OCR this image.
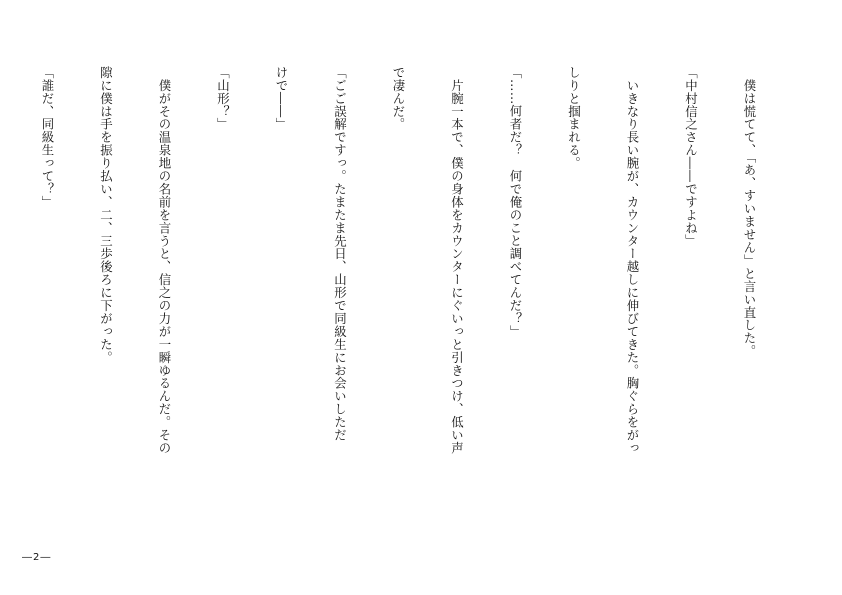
　僕は慌てて、「あ、すいません」と言い直した。

「中村信之さん――ですよね」

　いきなり長い腕が、カウンター越しに伸びてきた。胸ぐらをがっ

しりと掴まれる。

「……何者だ？　何で俺のこと調べてんだ？」

　片腕一本で、僕の身体をカウンターにぐいっと引きつけ、低い声

で凄んだ。

「ごご誤解ですっ。たまたま先日、山形で同級生にお会いしただ

けで――」

「山形？」

　僕がその温泉地の名前を言うと、信之の力が一瞬ゆるんだ。その

隙に僕は手を振り払い、二、三歩後ろに下がった。

「誰だ、同級生って？」

―2―
